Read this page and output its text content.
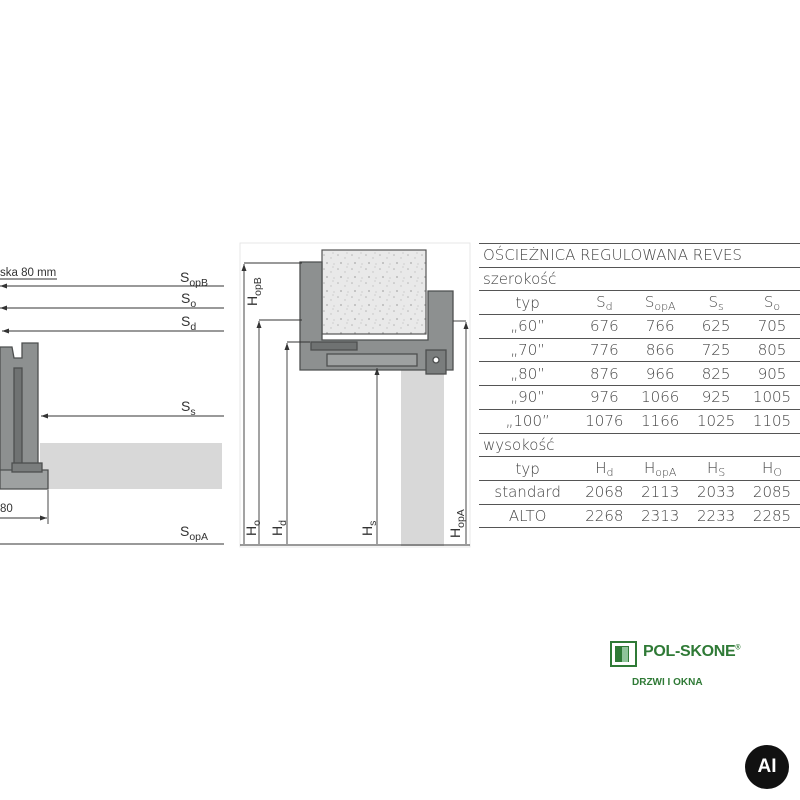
ska 80 mm
80
$S_{opB}$
$S_o$
$S_d$
$S_s$
$S_{opA}$
$H_{opB}$
$H_o$
$H_d$
$H_s$
$H_{opA}$
OŚCIEŻNICA REGULOWANA REVES				
szerokość				
typ	$S_d$	$S_{opA}$	$S_s$	$S_o$
„60”	676	766	625	705
„70”	776	866	725	805
„80”	876	966	825	905
„90”	976	1066	925	1005
„100”	1076	1166	1025	1105
wysokość				
typ	$H_d$	$H_{opA}$	$H_S$	$H_O$
standard	2068	2113	2033	2085
ALTO	2268	2313	2233	2285
POL-SKONE®
DRZWI I OKNA
AI
